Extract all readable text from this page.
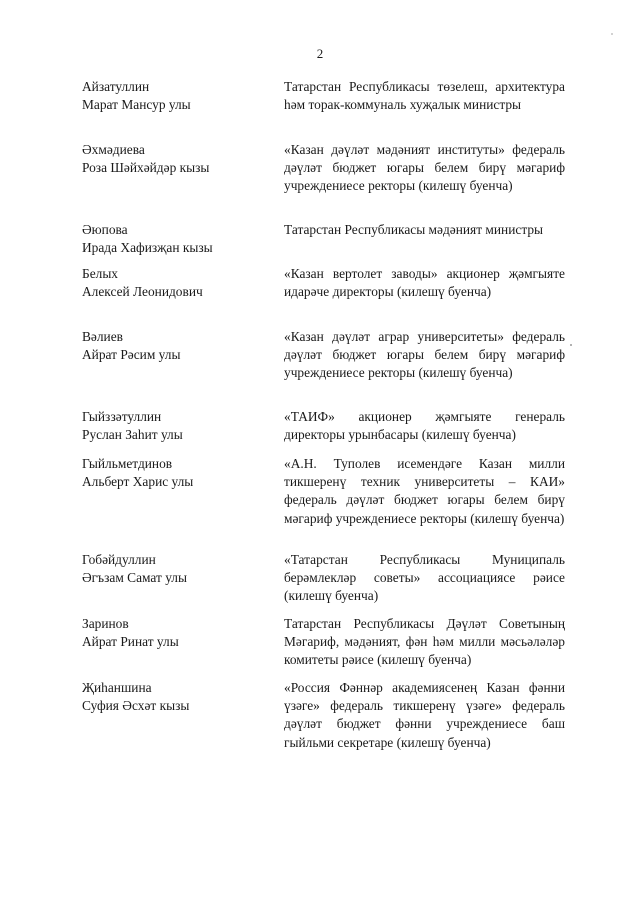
2
Айзатуллин
Марат Мансур улы
Татарстан Республикасы төзелеш, архитектура һәм торак-коммуналь хуҗалык министры
Әхмәдиева
Роза Шәйхәйдәр кызы
«Казан дәүләт мәдәният институты» федераль дәүләт бюджет югары белем бирү мәгариф учреждениесе ректоры (килешү буенча)
Әюпова
Ирада Хафизҗан кызы
Татарстан Республикасы мәдәният министры
Белых
Алексей Леонидович
«Казан вертолет заводы» акционер җәмгыяте идарәче директоры (килешү буенча)
Вәлиев
Айрат Рәсим улы
«Казан дәүләт аграр университеты» федераль дәүләт бюджет югары белем бирү мәгариф учреждениесе ректоры (килешү буенча)
Гыйззәтуллин
Руслан Заһит улы
«ТАИФ» акционер җәмгыяте генераль директоры урынбасары (килешү буенча)
Гыйльметдинов
Альберт Харис улы
«А.Н. Туполев исемендәге Казан милли тикшеренү техник университеты – КАИ» федераль дәүләт бюджет югары белем бирү мәгариф учреждениесе ректоры (килешү буенча)
Гобәйдуллин
Әгъзам Самат улы
«Татарстан Республикасы Муниципаль берәмлекләр советы» ассоциациясе рәисе (килешү буенча)
Заринов
Айрат Ринат улы
Татарстан Республикасы Дәүләт Советының Мәгариф, мәдәният, фән һәм милли мәсьәләләр комитеты рәисе (килешү буенча)
Җиһаншина
Суфия Әсхәт кызы
«Россия Фәннәр академиясенең Казан фәнни үзәге» федераль тикшеренү үзәге» федераль дәүләт бюджет фәнни учреждениесе баш гыйльми секретаре (килешү буенча)
